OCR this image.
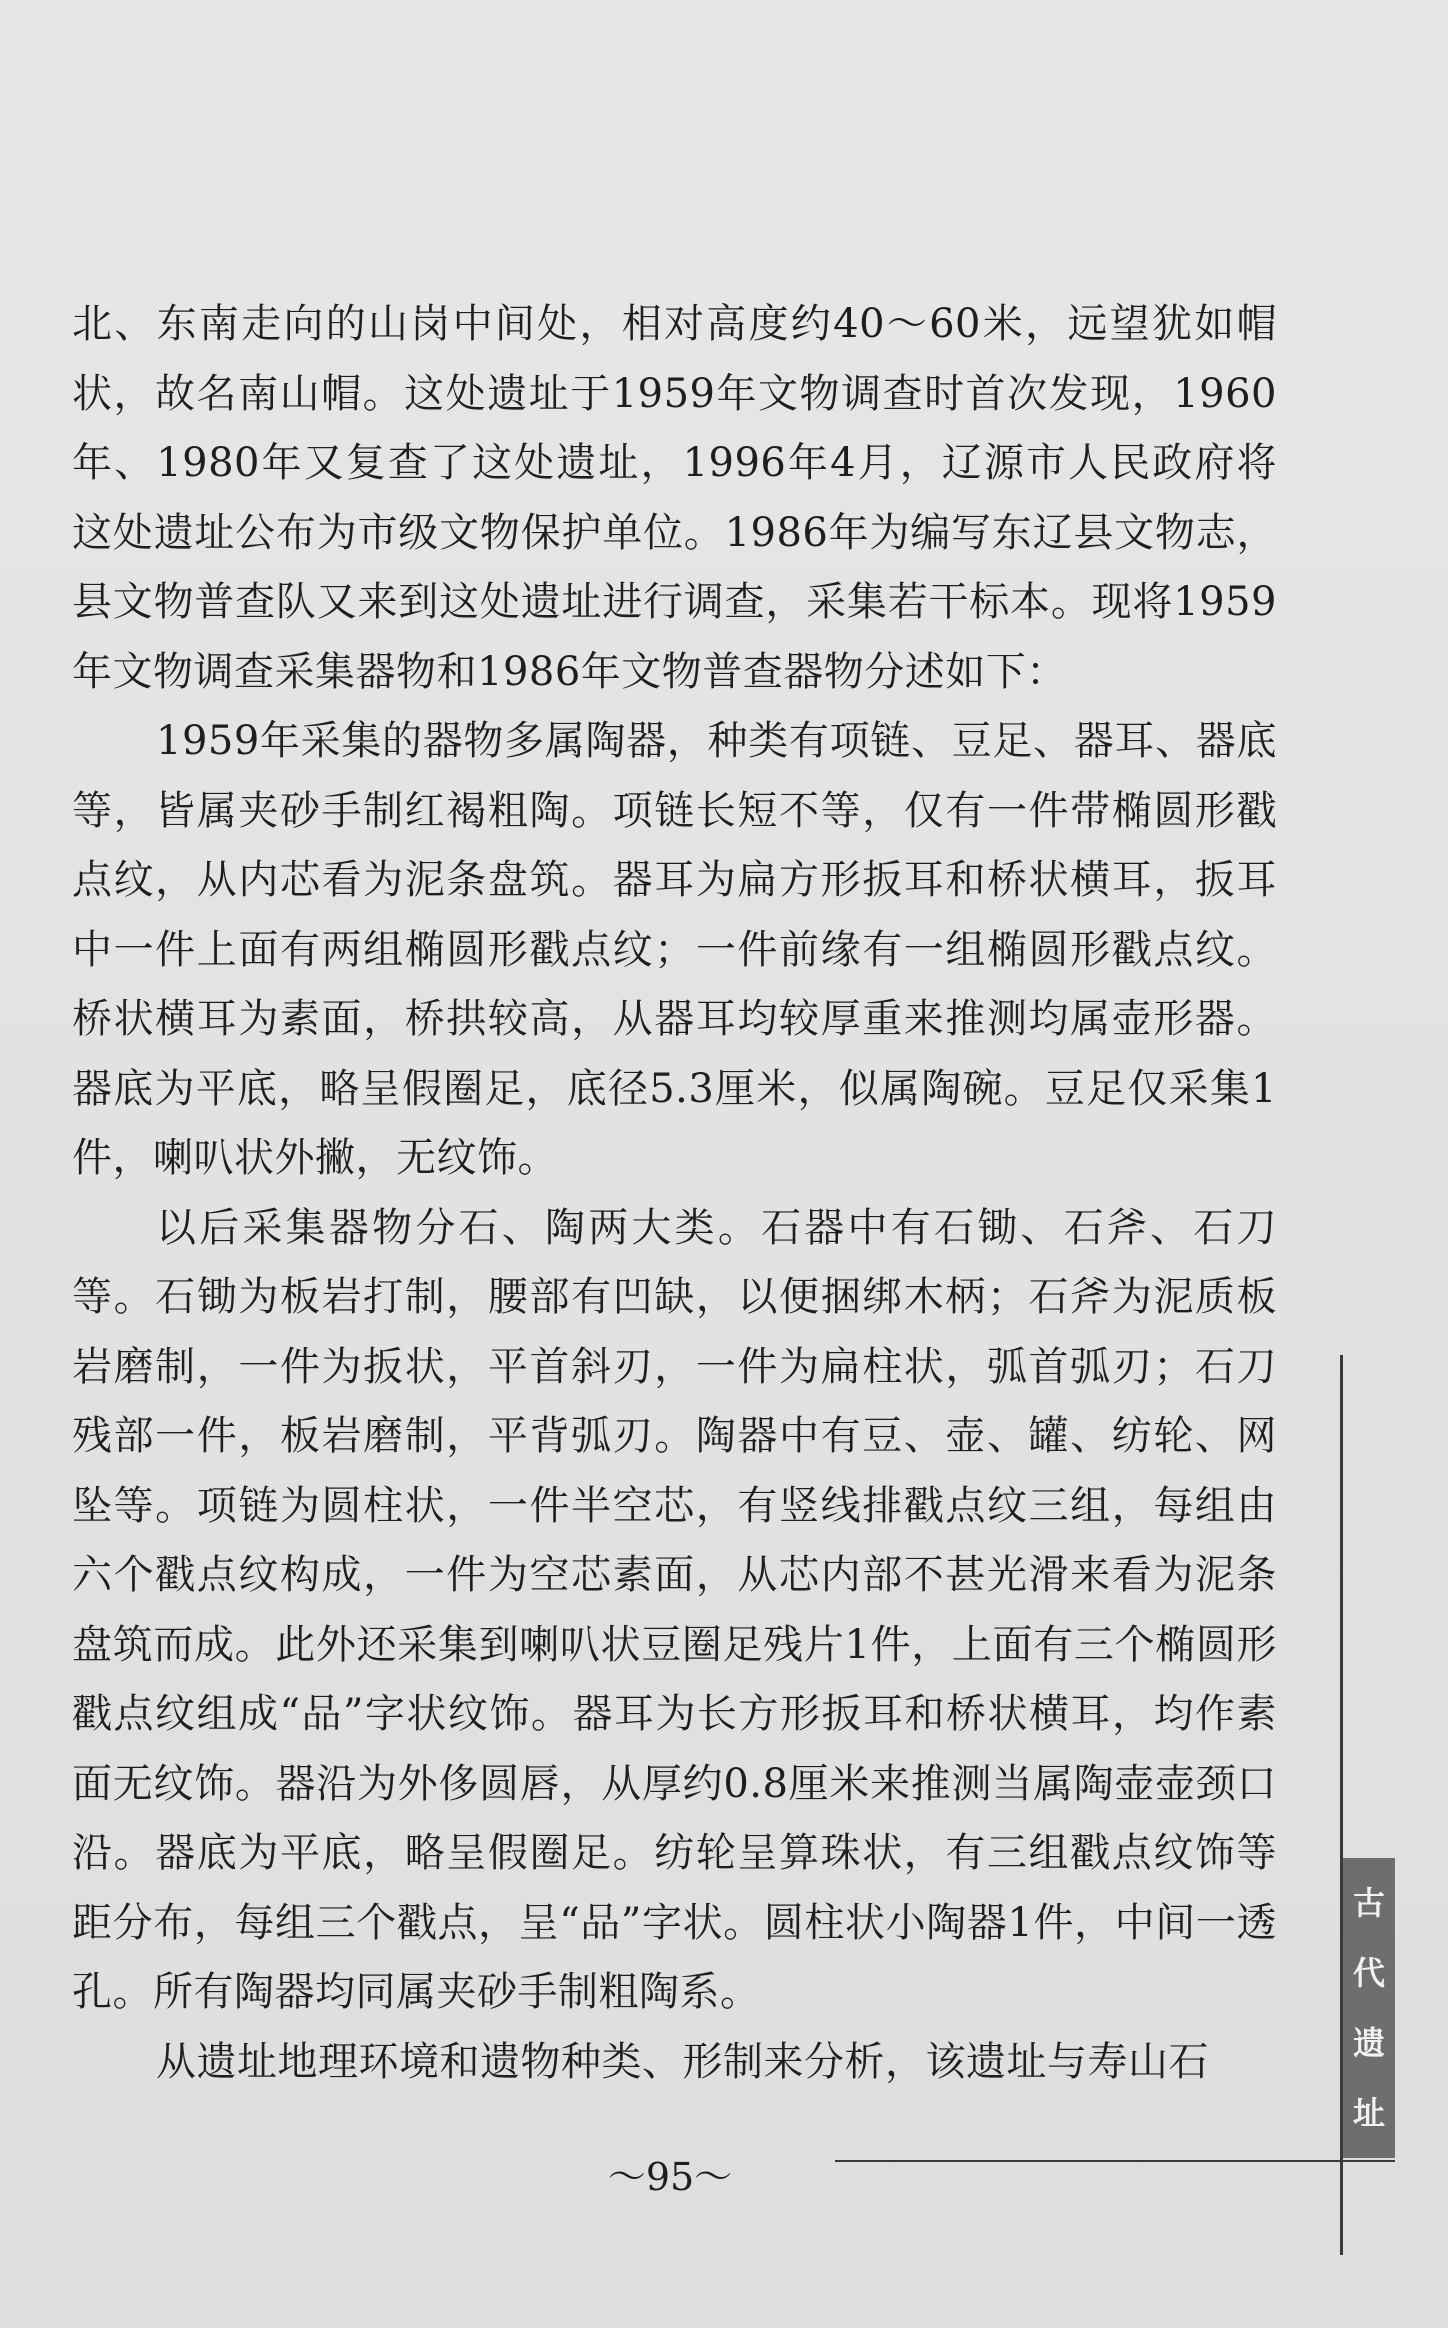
北、东南走向的山岗中间处，相对高度约40～60米，远望犹如帽状，故名南山帽。这处遗址于1959年文物调查时首次发现，1960年、1980年又复查了这处遗址，1996年4月，辽源市人民政府将这处遗址公布为市级文物保护单位。1986年为编写东辽县文物志，县文物普查队又来到这处遗址进行调查，采集若干标本。现将1959年文物调查采集器物和1986年文物普查器物分述如下：

1959年采集的器物多属陶器，种类有项链、豆足、器耳、器底等，皆属夹砂手制红褐粗陶。项链长短不等，仅有一件带椭圆形戳点纹，从内芯看为泥条盘筑。器耳为扁方形扳耳和桥状横耳，扳耳中一件上面有两组椭圆形戳点纹；一件前缘有一组椭圆形戳点纹。桥状横耳为素面，桥拱较高，从器耳均较厚重来推测均属壶形器。器底为平底，略呈假圈足，底径5.3厘米，似属陶碗。豆足仅采集1件，喇叭状外撇，无纹饰。

以后采集器物分石、陶两大类。石器中有石锄、石斧、石刀等。石锄为板岩打制，腰部有凹缺，以便捆绑木柄；石斧为泥质板岩磨制，一件为扳状，平首斜刃，一件为扁柱状，弧首弧刃；石刀残部一件，板岩磨制，平背弧刃。陶器中有豆、壶、罐、纺轮、网坠等。项链为圆柱状，一件半空芯，有竖线排戳点纹三组，每组由六个戳点纹构成，一件为空芯素面，从芯内部不甚光滑来看为泥条盘筑而成。此外还采集到喇叭状豆圈足残片1件，上面有三个椭圆形戳点纹组成“品”字状纹饰。器耳为长方形扳耳和桥状横耳，均作素面无纹饰。器沿为外侈圆唇，从厚约0.8厘米来推测当属陶壶壶颈口沿。器底为平底，略呈假圈足。纺轮呈算珠状，有三组戳点纹饰等距分布，每组三个戳点，呈“品”字状。圆柱状小陶器1件，中间一透孔。所有陶器均同属夹砂手制粗陶系。

从遗址地理环境和遗物种类、形制来分析，该遗址与寿山石

古
代
遗
址
～95～
